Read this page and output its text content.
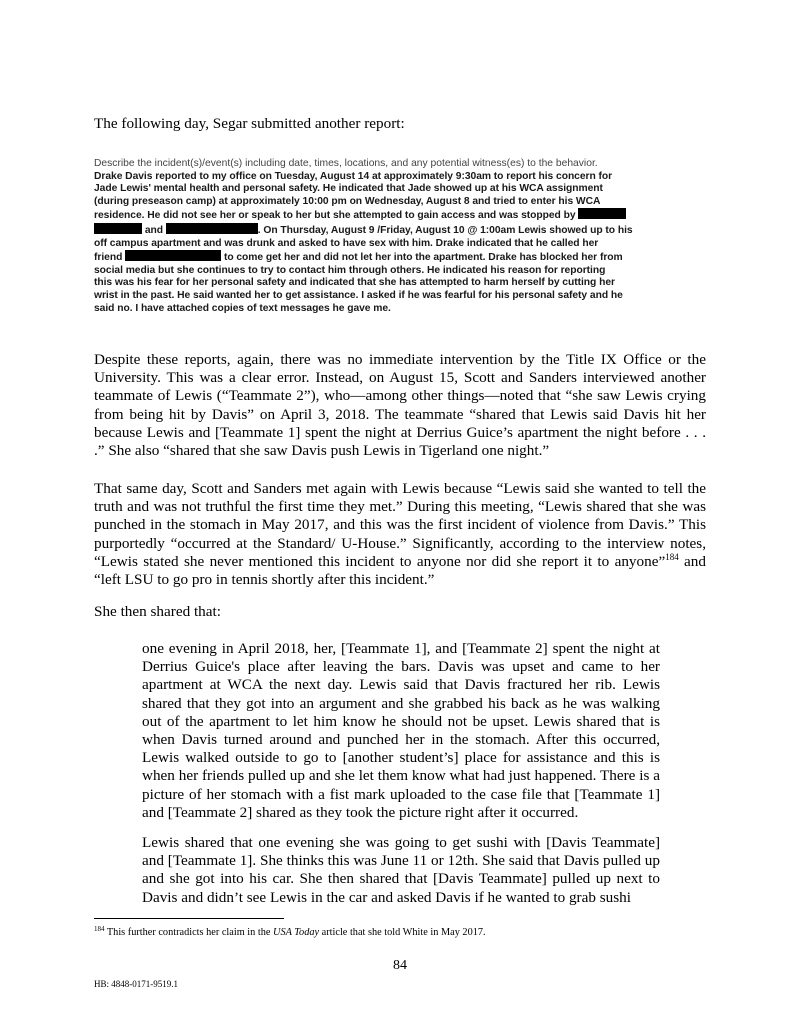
The following day, Segar submitted another report:

Describe the incident(s)/event(s) including date, times, locations, and any potential witness(es) to the behavior.
Drake Davis reported to my office on Tuesday, August 14 at approximately 9:30am to report his concern for
Jade Lewis' mental health and personal safety. He indicated that Jade showed up at his WCA assignment
(during preseason camp) at approximately 10:00 pm on Wednesday, August 8 and tried to enter his WCA
residence. He did not see her or speak to her but she attempted to gain access and was stopped by
and	. On Thursday, August 9 /Friday, August 10 @ 1:00am Lewis showed up to his
off campus apartment and was drunk and asked to have sex with him. Drake indicated that he called her
friend	to come get her and did not let her into the apartment. Drake has blocked her from
social media but she continues to try to contact him through others. He indicated his reason for reporting
this was his fear for her personal safety and indicated that she has attempted to harm herself by cutting her
wrist in the past. He said wanted her to get assistance. I asked if he was fearful for his personal safety and he
said no. I have attached copies of text messages he gave me.

Despite these reports, again, there was no immediate intervention by the Title IX Office or the University. This was a clear error. Instead, on August 15, Scott and Sanders interviewed another teammate of Lewis (“Teammate 2”), who—among other things—noted that “she saw Lewis crying from being hit by Davis” on April 3, 2018. The teammate “shared that Lewis said Davis hit her because Lewis and [Teammate 1] spent the night at Derrius Guice’s apartment the night before . . . .” She also “shared that she saw Davis push Lewis in Tigerland one night.”

That same day, Scott and Sanders met again with Lewis because “Lewis said she wanted to tell the truth and was not truthful the first time they met.” During this meeting, “Lewis shared that she was punched in the stomach in May 2017, and this was the first incident of violence from Davis.” This purportedly “occurred at the Standard/ U-House.” Significantly, according to the interview notes, “Lewis stated she never mentioned this incident to anyone nor did she report it to anyone”$^{184}$ and “left LSU to go pro in tennis shortly after this incident.”

She then shared that:

one evening in April 2018, her, [Teammate 1], and [Teammate 2] spent the night at Derrius Guice's place after leaving the bars. Davis was upset and came to her apartment at WCA the next day. Lewis said that Davis fractured her rib. Lewis shared that they got into an argument and she grabbed his back as he was walking out of the apartment to let him know he should not be upset. Lewis shared that is when Davis turned around and punched her in the stomach. After this occurred, Lewis walked outside to go to [another student’s] place for assistance and this is when her friends pulled up and she let them know what had just happened. There is a picture of her stomach with a fist mark uploaded to the case file that [Teammate 1] and [Teammate 2] shared as they took the picture right after it occurred.

Lewis shared that one evening she was going to get sushi with [Davis Teammate] and [Teammate 1]. She thinks this was June 11 or 12th. She said that Davis pulled up and she got into his car. She then shared that [Davis Teammate] pulled up next to Davis and didn’t see Lewis in the car and asked Davis if he wanted to grab sushi

$^{184}$ This further contradicts her claim in the USA Today article that she told White in May 2017.
84
HB: 4848-0171-9519.1
